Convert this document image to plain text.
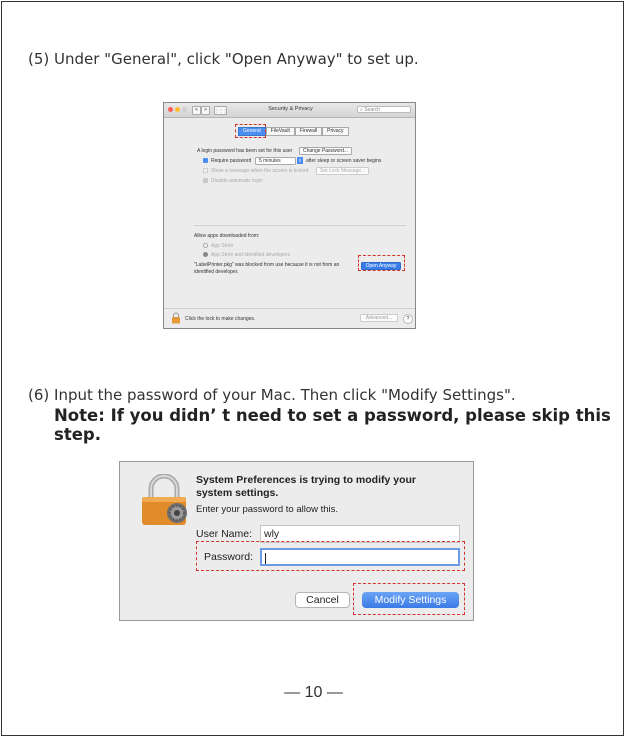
(5) Under "General", click "Open Anyway" to set up.
<	>	⋮⋮⋮	Security & Privacy	⌕ Search
General	FileVault	Firewall	Privacy
A login password has been set for this user	Change Password...
Require password	5 minutes	⇕ after sleep or screen saver begins
Show a message when the screen is locked	Set Lock Message...
Disable automatic login
Allow apps downloaded from:
App Store
App Store and identified developers
"LabelPrinter.pkg" was blocked from use because it is not from an
identified developer.
Open Anyway
Click the lock to make changes.	Advanced...	?
(6) Input the password of your Mac. Then click "Modify Settings".
Note: If you didn’ t need to set a password, please skip this step.
System Preferences is trying to modify your
system settings.
Enter your password to allow this.
User Name:	wly
Password:
Cancel	Modify Settings
— 10 —
